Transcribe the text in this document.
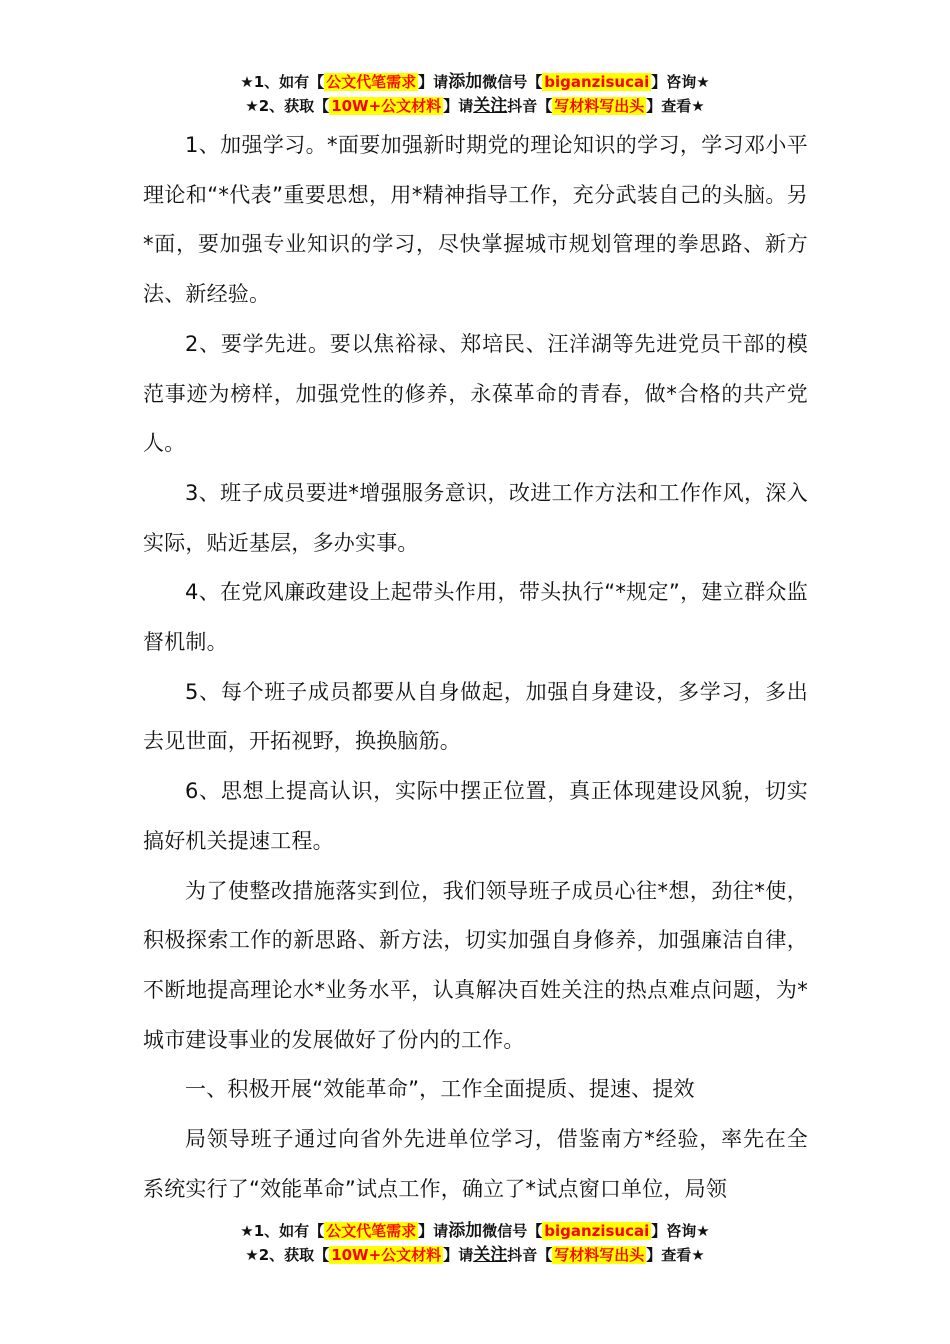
★1、如有【 公文代笔需求 】请添加微信号【 biganzisucai 】咨询★
★2、获取【 10W+公文材料 】请关注抖音【 写材料写出头 】查看★

1、加强学习。*面要加强新时期党的理论知识的学习，学习邓小平理论和“*代表”重要思想，用*精神指导工作，充分武装自己的头脑。另*面，要加强专业知识的学习，尽快掌握城市规划管理的拳思路、新方法、新经验。

2、要学先进。要以焦裕禄、郑培民、汪洋湖等先进党员干部的模范事迹为榜样，加强党性的修养，永葆革命的青春，做*合格的共产党人。

3、班子成员要进*增强服务意识，改进工作方法和工作作风，深入实际，贴近基层，多办实事。

4、在党风廉政建设上起带头作用，带头执行“*规定”，建立群众监督机制。

5、每个班子成员都要从自身做起，加强自身建设，多学习，多出去见世面，开拓视野，换换脑筋。

6、思想上提高认识，实际中摆正位置，真正体现建设风貌，切实搞好机关提速工程。

为了使整改措施落实到位，我们领导班子成员心往*想，劲往*使，积极探索工作的新思路、新方法，切实加强自身修养，加强廉洁自律，不断地提高理论水*业务水平，认真解决百姓关注的热点难点问题，为*城市建设事业的发展做好了份内的工作。

一、积极开展“效能革命”，工作全面提质、提速、提效

局领导班子通过向省外先进单位学习，借鉴南方*经验，率先在全系统实行了“效能革命”试点工作，确立了*试点窗口单位，局领

★1、如有【 公文代笔需求 】请添加微信号【 biganzisucai 】咨询★
★2、获取【 10W+公文材料 】请关注抖音【 写材料写出头 】查看★
